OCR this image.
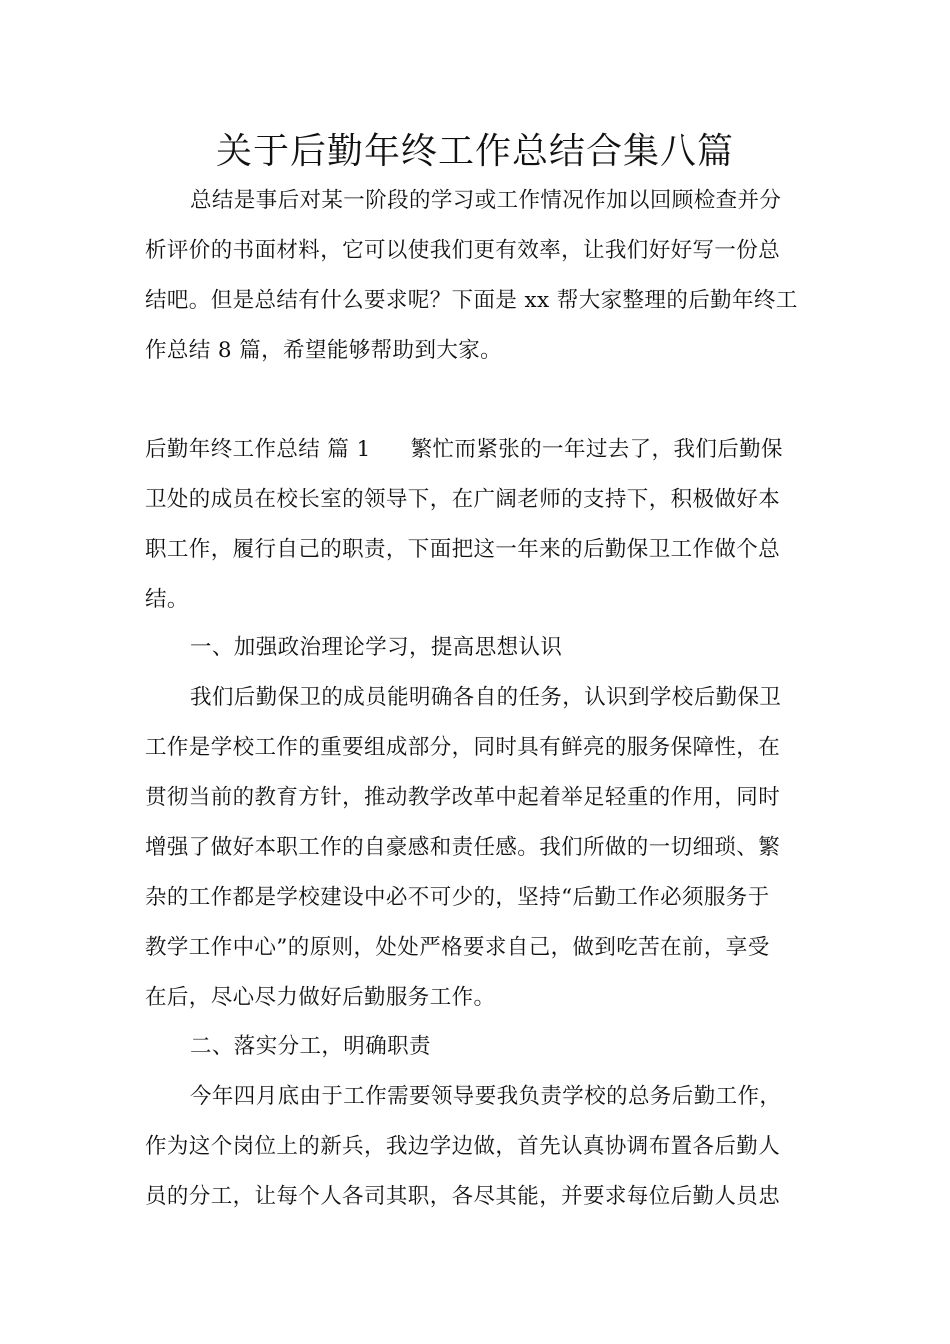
关于后勤年终工作总结合集八篇
总结是事后对某一阶段的学习或工作情况作加以回顾检查并分
析评价的书面材料，它可以使我们更有效率，让我们好好写一份总
结吧。但是总结有什么要求呢？下面是 xx 帮大家整理的后勤年终工
作总结 8 篇，希望能够帮助到大家。
后勤年终工作总结 篇 1 繁忙而紧张的一年过去了，我们后勤保
卫处的成员在校长室的领导下，在广阔老师的支持下，积极做好本
职工作，履行自己的职责，下面把这一年来的后勤保卫工作做个总
结。
一、加强政治理论学习，提高思想认识
我们后勤保卫的成员能明确各自的任务，认识到学校后勤保卫
工作是学校工作的重要组成部分，同时具有鲜亮的服务保障性，在
贯彻当前的教育方针，推动教学改革中起着举足轻重的作用，同时
增强了做好本职工作的自豪感和责任感。我们所做的一切细琐、繁
杂的工作都是学校建设中必不可少的，坚持“后勤工作必须服务于
教学工作中心”的原则，处处严格要求自己，做到吃苦在前，享受
在后，尽心尽力做好后勤服务工作。
二、落实分工，明确职责
今年四月底由于工作需要领导要我负责学校的总务后勤工作，
作为这个岗位上的新兵，我边学边做，首先认真协调布置各后勤人
员的分工，让每个人各司其职，各尽其能，并要求每位后勤人员忠
